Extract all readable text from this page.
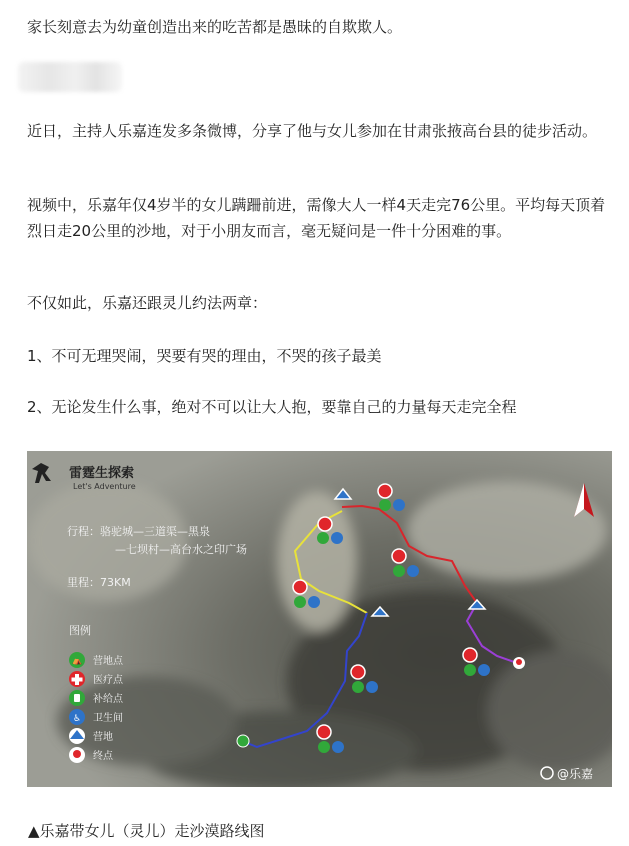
家长刻意去为幼童创造出来的吃苦都是愚昧的自欺欺人。

近日，主持人乐嘉连发多条微博，分享了他与女儿参加在甘肃张掖高台县的徒步活动。

视频中，乐嘉年仅4岁半的女儿蹒跚前进，需像大人一样4天走完76公里。平均每天顶着烈日走20公里的沙地，对于小朋友而言，毫无疑问是一件十分困难的事。

不仅如此，乐嘉还跟灵儿约法两章：

1、不可无理哭闹，哭要有哭的理由，不哭的孩子最美

2、无论发生什么事，绝对不可以让大人抱，要靠自己的力量每天走完全程

雷霆生探索
Let's Adventure
行程：骆驼城—三道渠—黑泉
—七坝村—高台水之印广场
里程：73KM
图例
⛺ 营地点
医疗点
补给点
♿ 卫生间
营地
终点
@乐嘉
▲乐嘉带女儿（灵儿）走沙漠路线图
